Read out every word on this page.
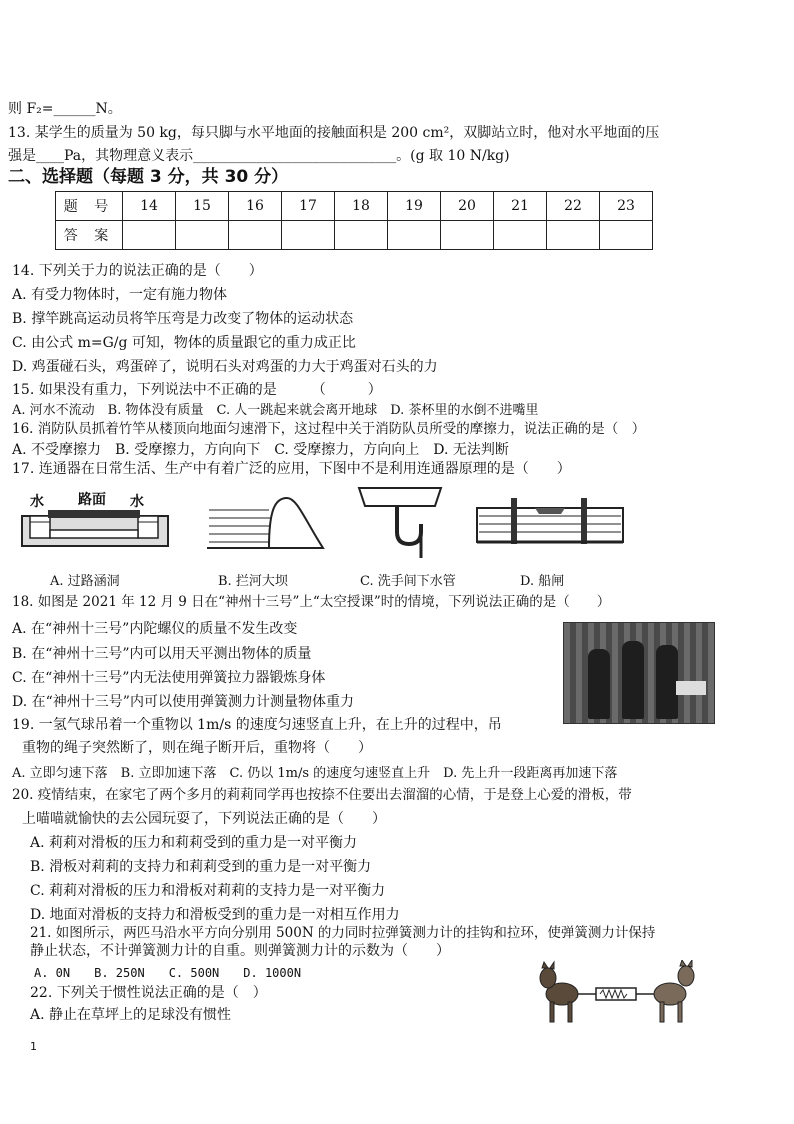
则 F₂=______N。
13. 某学生的质量为 50 kg，每只脚与水平地面的接触面积是 200 cm²，双脚站立时，他对水平地面的压
强是____Pa，其物理意义表示_____________________________。(g 取 10 N/kg)
二、选择题（每题 3 分，共 30 分）
题 号	14	15	16	17	18	19	20	21	22	23
答 案										
14. 下列关于力的说法正确的是（　　）
A. 有受力物体时，一定有施力物体
B. 撑竿跳高运动员将竿压弯是力改变了物体的运动状态
C. 由公式 m=G/g 可知，物体的质量跟它的重力成正比
D. 鸡蛋碰石头，鸡蛋碎了，说明石头对鸡蛋的力大于鸡蛋对石头的力
15. 如果没有重力，下列说法中不正确的是　　　（　　　）
A. 河水不流动　B. 物体没有质量　C. 人一跳起来就会离开地球　D. 茶杯里的水倒不进嘴里
16. 消防队员抓着竹竿从楼顶向地面匀速滑下，这过程中关于消防队员所受的摩擦力，说法正确的是（　）
A. 不受摩擦力　B. 受摩擦力，方向向下　C. 受摩擦力，方向向上　D. 无法判断
17. 连通器在日常生活、生产中有着广泛的应用，下图中不是利用连通器原理的是（　　）
水 路面 水
A. 过路涵洞	B. 拦河大坝	C. 洗手间下水管	D. 船闸
18. 如图是 2021 年 12 月 9 日在“神州十三号”上“太空授课”时的情境，下列说法正确的是（　　）
A. 在“神州十三号”内陀螺仪的质量不发生改变
B. 在“神州十三号”内可以用天平测出物体的质量
C. 在“神州十三号”内无法使用弹簧拉力器锻炼身体
D. 在“神州十三号”内可以使用弹簧测力计测量物体重力
19. 一氢气球吊着一个重物以 1m/s 的速度匀速竖直上升，在上升的过程中，吊
重物的绳子突然断了，则在绳子断开后，重物将（　　）
A. 立即匀速下落　B. 立即加速下落　C. 仍以 1m/s 的速度匀速竖直上升　D. 先上升一段距离再加速下落
20. 疫情结束，在家宅了两个多月的莉莉同学再也按捺不住要出去溜溜的心情，于是登上心爱的滑板，带
上喵喵就愉快的去公园玩耍了，下列说法正确的是（　　）
A. 莉莉对滑板的压力和莉莉受到的重力是一对平衡力
B. 滑板对莉莉的支持力和莉莉受到的重力是一对平衡力
C. 莉莉对滑板的压力和滑板对莉莉的支持力是一对平衡力
D. 地面对滑板的支持力和滑板受到的重力是一对相互作用力
21. 如图所示，两匹马沿水平方向分别用 500N 的力同时拉弹簧测力计的挂钩和拉环，使弹簧测力计保持
静止状态，不计弹簧测力计的自重。则弹簧测力计的示数为（　　）
A. 0N　　B. 250N　　C. 500N　　D. 1000N
22. 下列关于惯性说法正确的是（　）
A. 静止在草坪上的足球没有惯性
1
